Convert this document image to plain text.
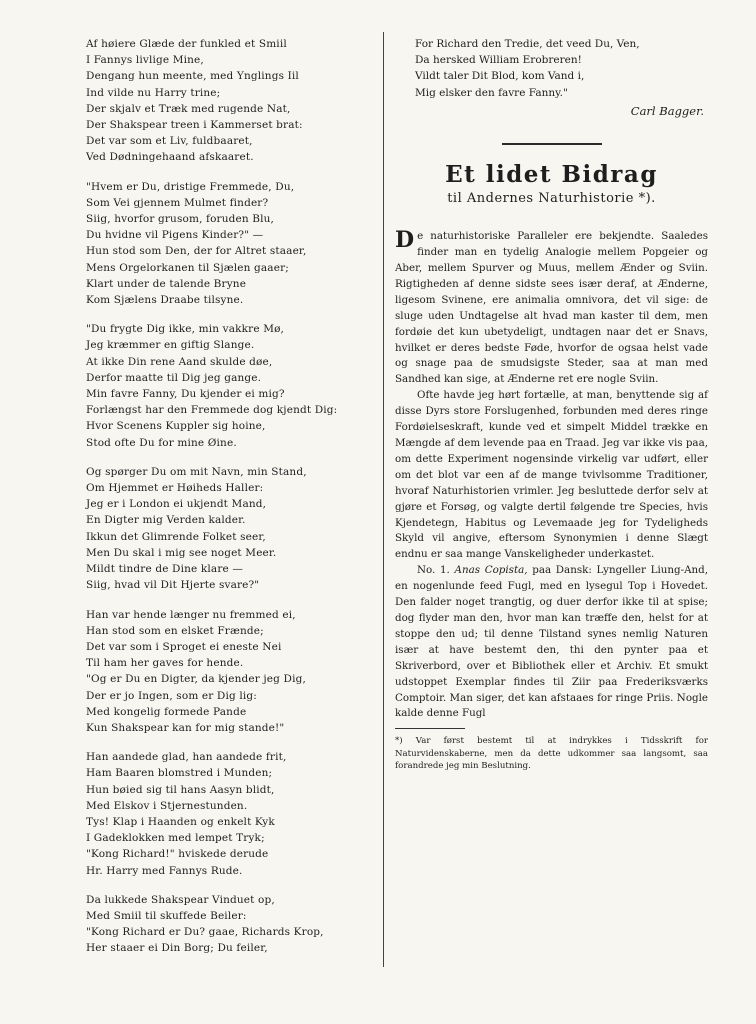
Af høiere Glæde der funkled et Smiil
I Fannys livlige Mine,
Dengang hun meente, med Ynglings Iil
Ind vilde nu Harry trine;
Der skjalv et Træk med rugende Nat,
Der Shakspear treen i Kammerset brat:
Det var som et Liv, fuldbaaret,
Ved Dødningehaand afskaaret.
"Hvem er Du, dristige Fremmede, Du,
Som Vei gjennem Mulmet finder?
Siig, hvorfor grusom, foruden Blu,
Du hvidne vil Pigens Kinder?" —
Hun stod som Den, der for Altret staaer,
Mens Orgelorkanen til Sjælen gaaer;
Klart under de talende Bryne
Kom Sjælens Draabe tilsyne.
"Du frygte Dig ikke, min vakkre Mø,
Jeg kræmmer en giftig Slange.
At ikke Din rene Aand skulde døe,
Derfor maatte til Dig jeg gange.
Min favre Fanny, Du kjender ei mig?
Forlængst har den Fremmede dog kjendt Dig:
Hvor Scenens Kuppler sig hoine,
Stod ofte Du for mine Øine.
Og spørger Du om mit Navn, min Stand,
Om Hjemmet er Høiheds Haller:
Jeg er i London ei ukjendt Mand,
En Digter mig Verden kalder.
Ikkun det Glimrende Folket seer,
Men Du skal i mig see noget Meer.
Mildt tindre de Dine klare —
Siig, hvad vil Dit Hjerte svare?"
Han var hende længer nu fremmed ei,
Han stod som en elsket Frænde;
Det var som i Sproget ei eneste Nei
Til ham her gaves for hende.
"Og er Du en Digter, da kjender jeg Dig,
Der er jo Ingen, som er Dig lig:
Med kongelig formede Pande
Kun Shakspear kan for mig stande!"
Han aandede glad, han aandede frit,
Ham Baaren blomstred i Munden;
Hun bøied sig til hans Aasyn blidt,
Med Elskov i Stjernestunden.
Tys! Klap i Haanden og enkelt Kyk
I Gadeklokken med lempet Tryk;
"Kong Richard!" hviskede derude
Hr. Harry med Fannys Rude.
Da lukkede Shakspear Vinduet op,
Med Smiil til skuffede Beiler:
"Kong Richard er Du? gaae, Richards Krop,
Her staaer ei Din Borg; Du feiler,
For Richard den Tredie, det veed Du, Ven,
Da hersked William Erobreren!
Vildt taler Dit Blod, kom Vand i,
Mig elsker den favre Fanny."
Carl Bagger.
Et lidet Bidrag
til Andernes Naturhistorie *).

De naturhistoriske Paralleler ere bekjendte. Saaledes finder man en tydelig Analogie mellem Popgeier og Aber, mellem Spurver og Muus, mellem Ænder og Sviin. Rigtigheden af denne sidste sees især deraf, at Ænderne, ligesom Svinene, ere animalia omnivora, det vil sige: de sluge uden Undtagelse alt hvad man kaster til dem, men fordøie det kun ubetydeligt, undtagen naar det er Snavs, hvilket er deres bedste Føde, hvorfor de ogsaa helst vade og snage paa de smudsigste Steder, saa at man med Sandhed kan sige, at Ænderne ret ere nogle Sviin.

Ofte havde jeg hørt fortælle, at man, benyttende sig af disse Dyrs store Forslugenhed, forbunden med deres ringe Fordøielseskraft, kunde ved et simpelt Middel trække en Mængde af dem levende paa en Traad. Jeg var ikke vis paa, om dette Experiment nogensinde virkelig var udført, eller om det blot var een af de mange tvivlsomme Traditioner, hvoraf Naturhistorien vrimler. Jeg besluttede derfor selv at gjøre et Forsøg, og valgte dertil følgende tre Species, hvis Kjendetegn, Habitus og Levemaade jeg for Tydeligheds Skyld vil angive, eftersom Synonymien i denne Slægt endnu er saa mange Vanskeligheder underkastet.

No. 1. Anas Copista, paa Dansk: Lyngeller Liung-And, en nogenlunde feed Fugl, med en lysegul Top i Hovedet. Den falder noget trangtig, og duer derfor ikke til at spise; dog flyder man den, hvor man kan træffe den, helst for at stoppe den ud; til denne Tilstand synes nemlig Naturen især at have bestemt den, thi den pynter paa et Skriverbord, over et Bibliothek eller et Archiv. Et smukt udstoppet Exemplar findes til Ziir paa Frederiksværks Comptoir. Man siger, det kan afstaaes for ringe Priis. Nogle kalde denne Fugl

*) Var først bestemt til at indrykkes i Tidsskrift for Naturvidenskaberne, men da dette udkommer saa langsomt, saa forandrede jeg min Beslutning.
